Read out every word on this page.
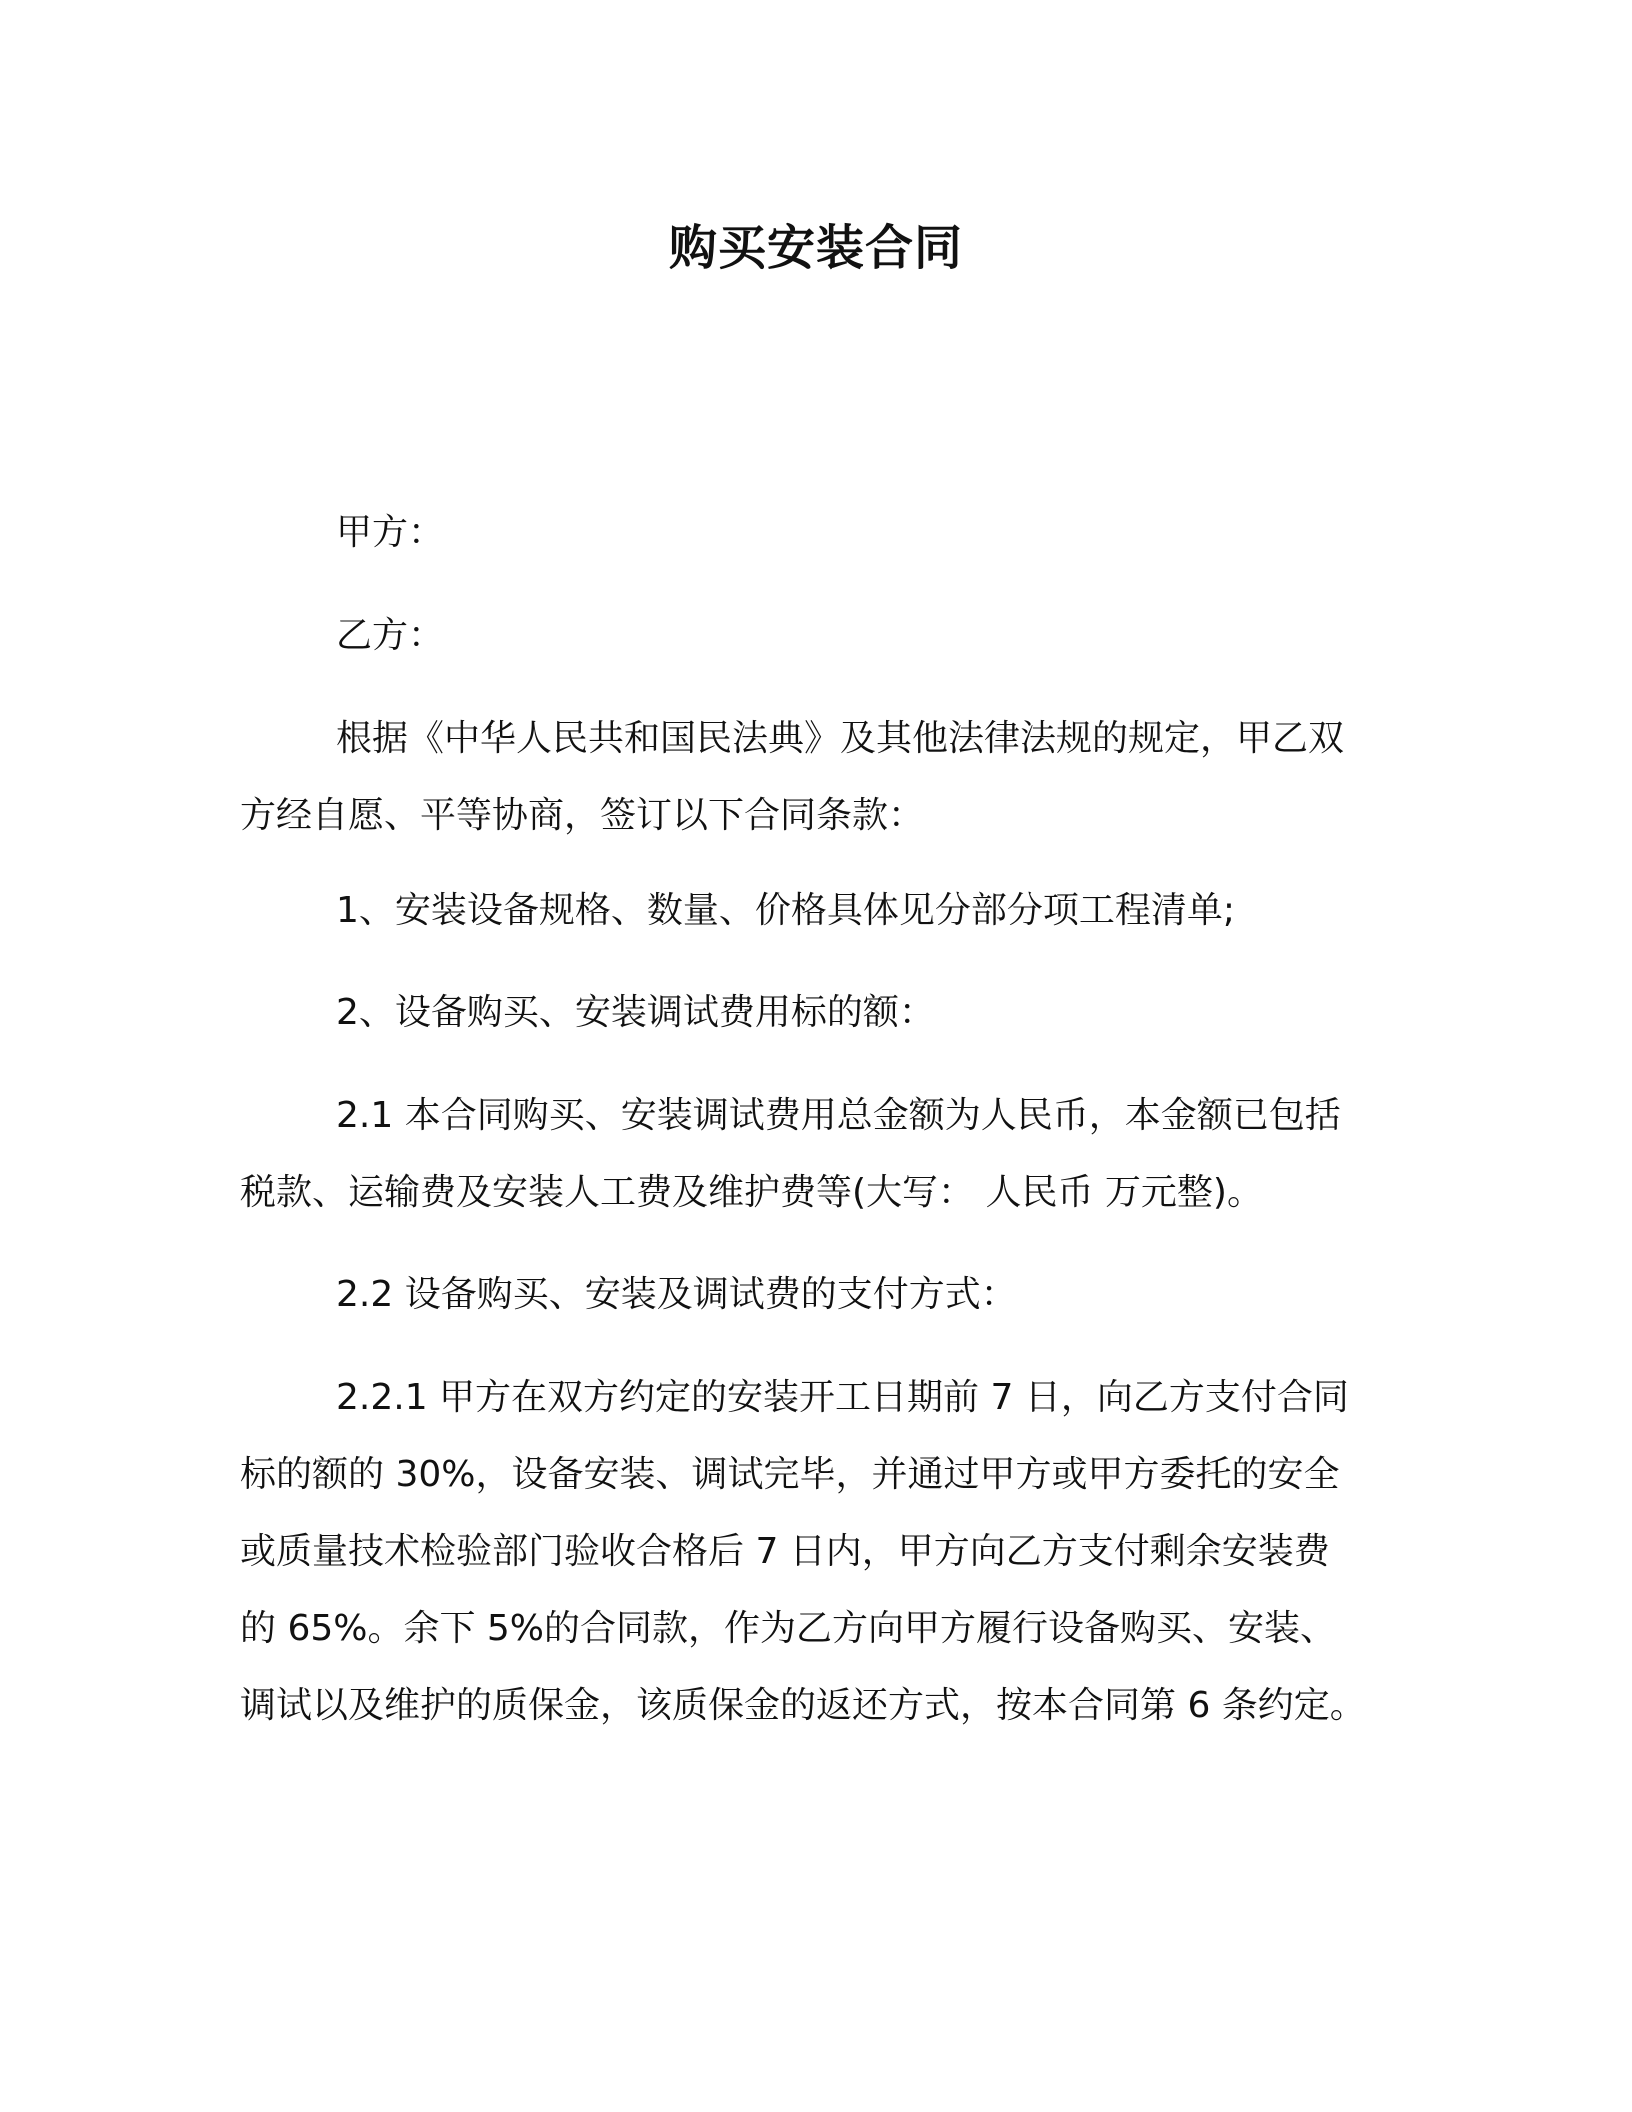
购买安装合同
甲方：
乙方：
根据《中华人民共和国民法典》及其他法律法规的规定，甲乙双
方经自愿、平等协商，签订以下合同条款：
1、安装设备规格、数量、价格具体见分部分项工程清单;
2、设备购买、安装调试费用标的额：
2.1 本合同购买、安装调试费用总金额为人民币，本金额已包括
税款、运输费及安装人工费及维护费等(大写： 人民币 万元整)。
2.2 设备购买、安装及调试费的支付方式：
2.2.1 甲方在双方约定的安装开工日期前 7 日，向乙方支付合同
标的额的 30%，设备安装、调试完毕，并通过甲方或甲方委托的安全
或质量技术检验部门验收合格后 7 日内，甲方向乙方支付剩余安装费
的 65%。余下 5%的合同款，作为乙方向甲方履行设备购买、安装、
调试以及维护的质保金，该质保金的返还方式，按本合同第 6 条约定。
